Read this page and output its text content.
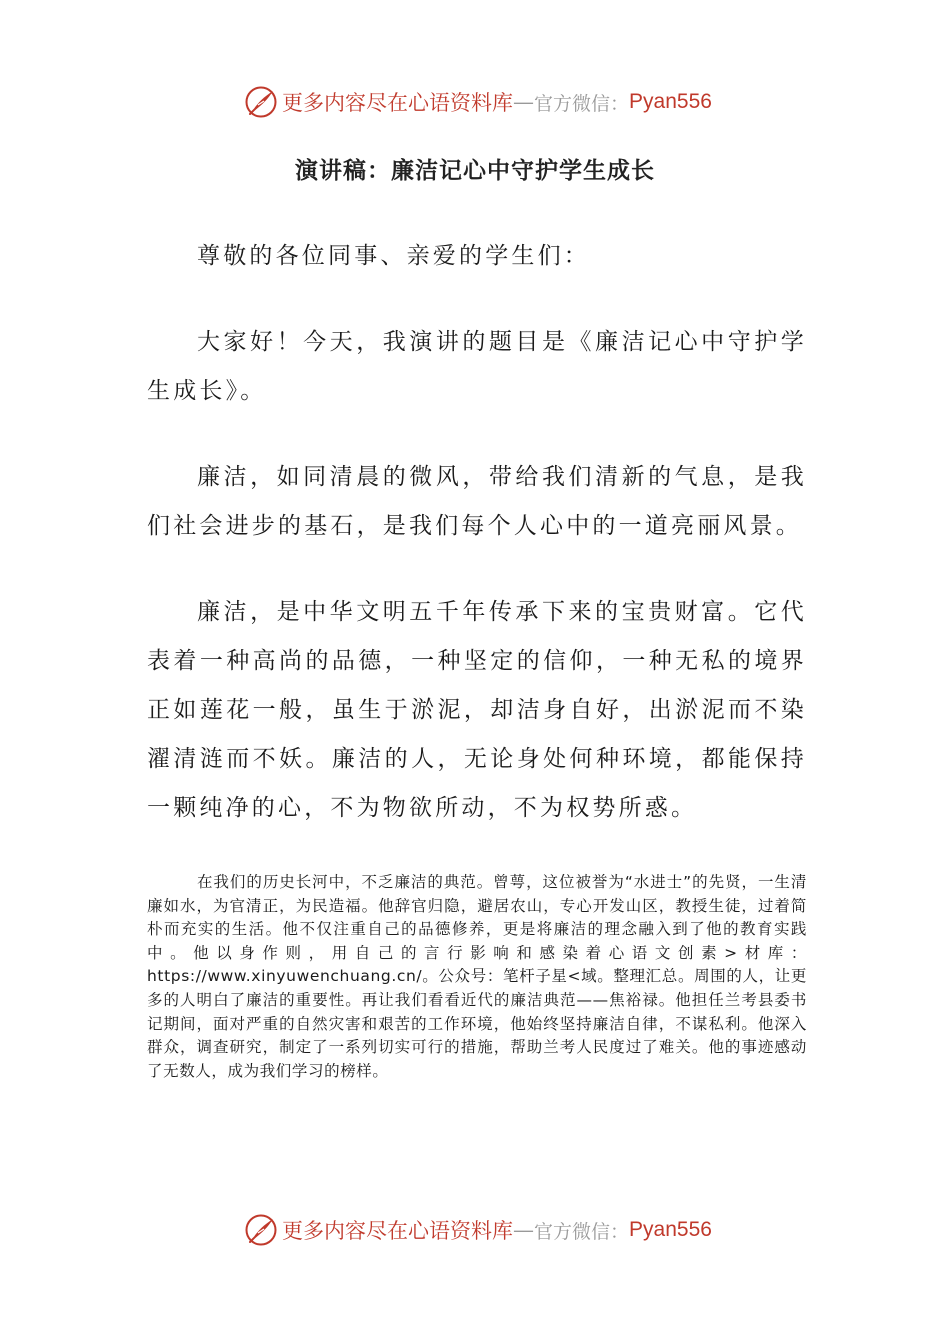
更多内容尽在心语资料库 — 官方微信： Pyan556
演讲稿：廉洁记心中守护学生成长

尊敬的各位同事、亲爱的学生们：

大家好！今天，我演讲的题目是《廉洁记心中守护学生成长》。

廉洁，如同清晨的微风，带给我们清新的气息，是我们社会进步的基石，是我们每个人心中的一道亮丽风景。

廉洁，是中华文明五千年传承下来的宝贵财富。它代表着一种高尚的品德，一种坚定的信仰，一种无私的境界正如莲花一般，虽生于淤泥，却洁身自好，出淤泥而不染濯清涟而不妖。廉洁的人，无论身处何种环境，都能保持一颗纯净的心，不为物欲所动，不为权势所惑。

在我们的历史长河中，不乏廉洁的典范。曾萼，这位被誉为“水进士”的先贤，一生清廉如水，为官清正，为民造福。他辞官归隐，避居农山，专心开发山区，教授生徒，过着简朴而充实的生活。他不仅注重自己的品德修养，更是将廉洁的理念融入到了他的教育实践中。他以身作则，用自己的言行影响和感染着心语文创素>材库：https://www.xinyuwenchuang.cn/。公众号：笔杆子星<域。整理汇总。周围的人，让更多的人明白了廉洁的重要性。再让我们看看近代的廉洁典范——焦裕禄。他担任兰考县委书记期间，面对严重的自然灾害和艰苦的工作环境，他始终坚持廉洁自律，不谋私利。他深入群众，调查研究，制定了一系列切实可行的措施，帮助兰考人民度过了难关。他的事迹感动了无数人，成为我们学习的榜样。

更多内容尽在心语资料库 — 官方微信： Pyan556
